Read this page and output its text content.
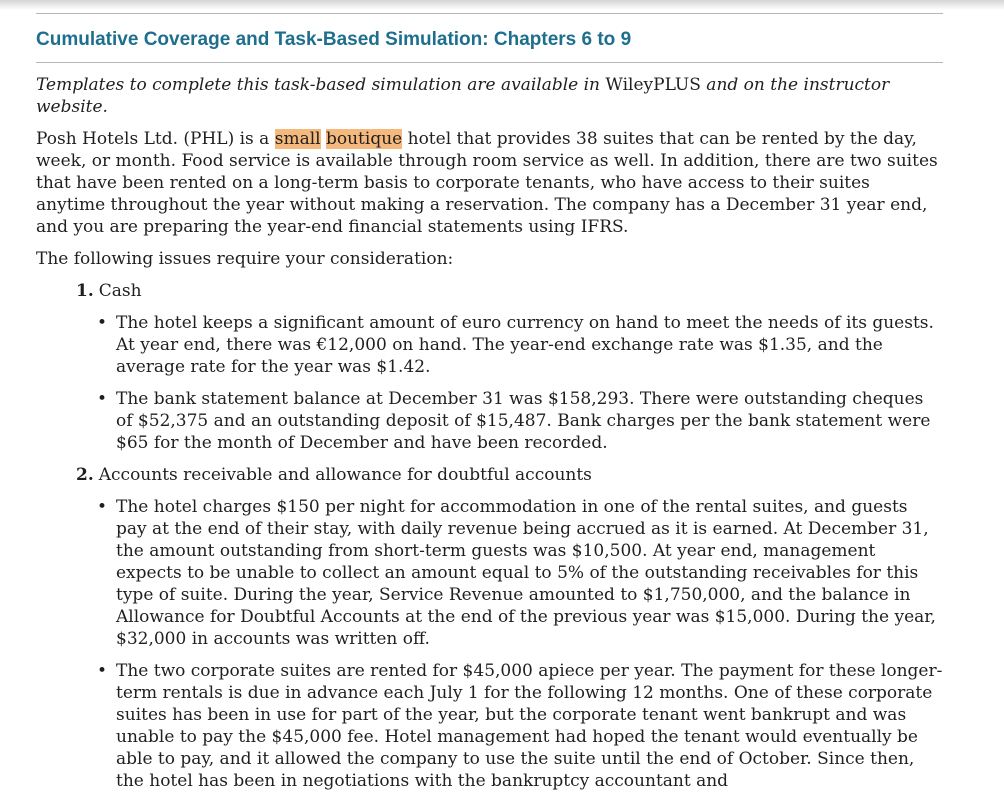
Cumulative Coverage and Task-Based Simulation: Chapters 6 to 9

Templates to complete this task-based simulation are available in WileyPLUS and on the instructor website.

Posh Hotels Ltd. (PHL) is a small boutique hotel that provides 38 suites that can be rented by the day, week, or month. Food service is available through room service as well. In addition, there are two suites that have been rented on a long-term basis to corporate tenants, who have access to their suites anytime throughout the year without making a reservation. The company has a December 31 year end, and you are preparing the year-end financial statements using IFRS.

The following issues require your consideration:

1. Cash
• The hotel keeps a significant amount of euro currency on hand to meet the needs of its guests. At year end, there was €12,000 on hand. The year-end exchange rate was $1.35, and the average rate for the year was $1.42.
• The bank statement balance at December 31 was $158,293. There were outstanding cheques of $52,375 and an outstanding deposit of $15,487. Bank charges per the bank statement were $65 for the month of December and have been recorded.
2. Accounts receivable and allowance for doubtful accounts
• The hotel charges $150 per night for accommodation in one of the rental suites, and guests pay at the end of their stay, with daily revenue being accrued as it is earned. At December 31, the amount outstanding from short-term guests was $10,500. At year end, management expects to be unable to collect an amount equal to 5% of the outstanding receivables for this type of suite. During the year, Service Revenue amounted to $1,750,000, and the balance in Allowance for Doubtful Accounts at the end of the previous year was $15,000. During the year, $32,000 in accounts was written off.
• The two corporate suites are rented for $45,000 apiece per year. The payment for these longer-term rentals is due in advance each July 1 for the following 12 months. One of these corporate suites has been in use for part of the year, but the corporate tenant went bankrupt and was unable to pay the $45,000 fee. Hotel management had hoped the tenant would eventually be able to pay, and it allowed the company to use the suite until the end of October. Since then, the hotel has been in negotiations with the bankruptcy accountant and
